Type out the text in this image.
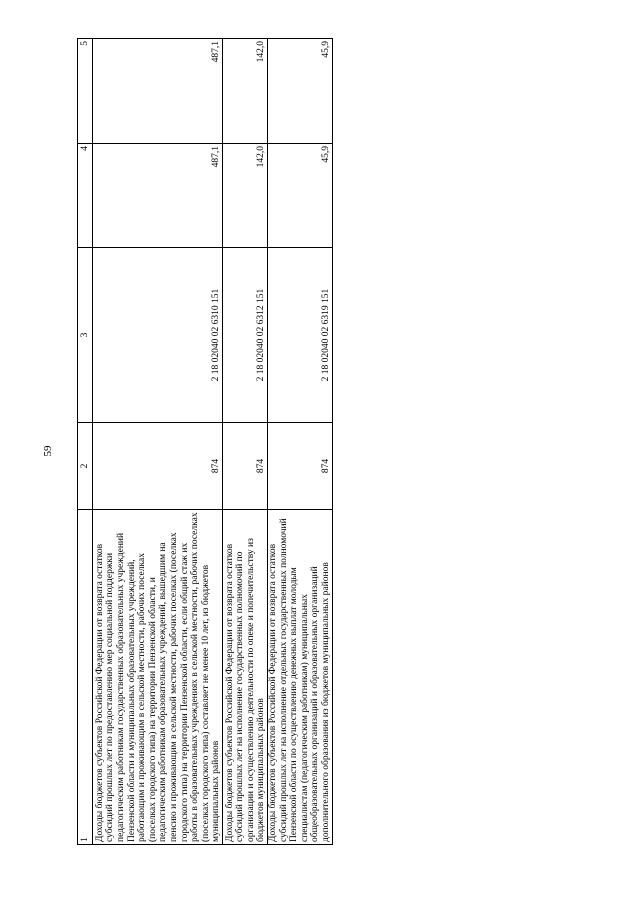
59
1	2	3	4	5

Доходы бюджетов субъектов Российской Федерации от возврата остатков субсидий прошлых лет по предоставлению мер социальной поддержки педагогическим работникам государственных образовательных учреждений Пензенской области и муниципальных образовательных учреждений, работающим и проживающим в сельской местности, рабочих поселках (поселках городского типа) на территории Пензенской области, и педагогическим работникам образовательных учреждений, вышедшим на пенсию и проживающим в сельской местности, рабочих поселках (поселках городского типа) на территории Пензенской области, если общий стаж их работы в образовательных учреждениях в сельской местности, рабочих поселках (поселках городского типа) составляет не менее 10 лет, из бюджетов муниципальных районов	874	2 18 02040 02 6310 151	487,1	487,1

Доходы бюджетов субъектов Российской Федерации от возврата остатков субсидий прошлых лет на исполнение государственных полномочий по организации и осуществлению деятельности по опеке и попечительству из бюджетов муниципальных районов	874	2 18 02040 02 6312 151	142,0	142,0

Доходы бюджетов субъектов Российской Федерации от возврата остатков субсидий прошлых лет на исполнение отдельных государственных полномочий Пензенской области по осуществлению денежных выплат молодым специалистам (педагогическим работникам) муниципальных общеобразовательных организаций и образовательных организаций дополнительного образования из бюджетов муниципальных районов	874	2 18 02040 02 6319 151	45,9	45,9
